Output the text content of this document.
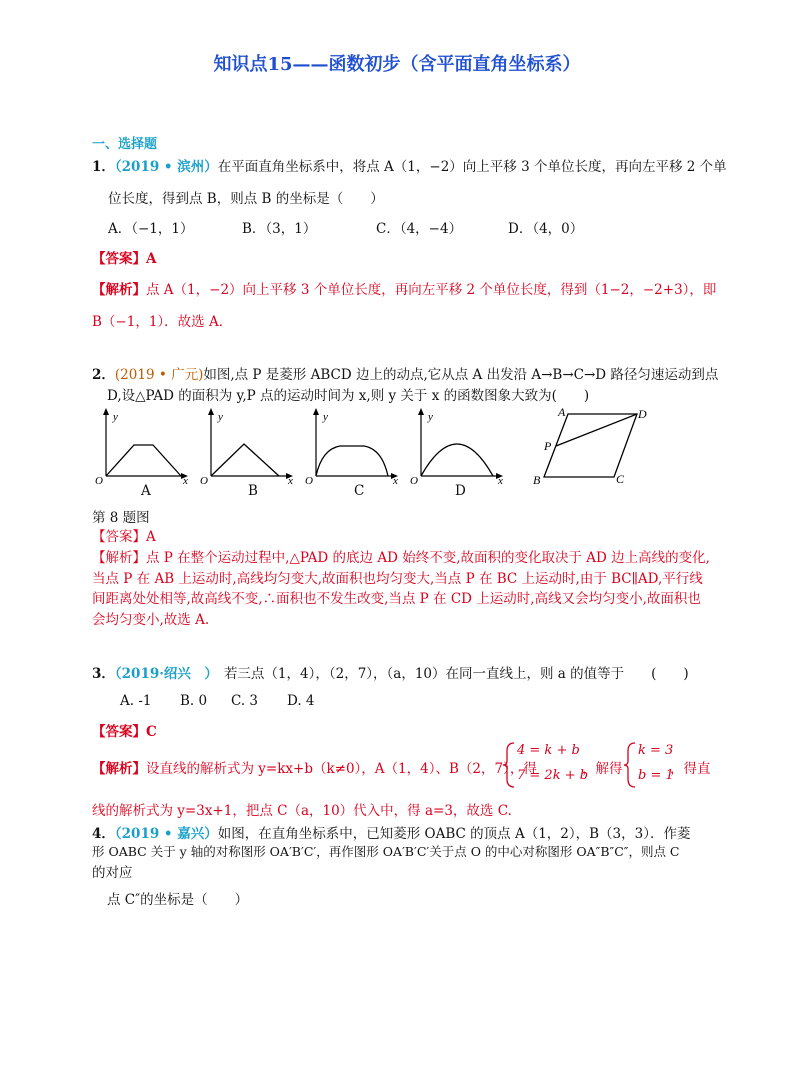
知识点15——函数初步（含平面直角坐标系）
一、选择题
1．（2019 • 滨州）在平面直角坐标系中，将点 A（1，−2）向上平移 3 个单位长度，再向左平移 2 个单
位长度，得到点 B，则点 B 的坐标是（　　）
A．（−1，1）	B．（3，1）	C．（4，−4）	D．（4，0）
【答案】A
【解析】点 A（1，−2）向上平移 3 个单位长度，再向左平移 2 个单位长度，得到（1−2，−2+3），即
B（−1，1）．故选 A．
2．(2019 • 广元)如图,点 P 是菱形 ABCD 边上的动点,它从点 A 出发沿 A→B→C→D 路径匀速运动到点
D,设△PAD 的面积为 y,P 点的运动时间为 x,则 y 关于 x 的函数图象大致为(　　)
y
O	x
y
O	x
y
O	x
y
O	x
A	B	C	D
A	D
P
B	C
第 8 题图
【答案】A
【解析】点 P 在整个运动过程中,△PAD 的底边 AD 始终不变,故面积的变化取决于 AD 边上高线的变化,
当点 P 在 AB 上运动时,高线均匀变大,故面积也均匀变大,当点 P 在 BC 上运动时,由于 BC∥AD,平行线
间距离处处相等,故高线不变,∴面积也不发生改变,当点 P 在 CD 上运动时,高线又会均匀变小,故面积也
会均匀变小,故选 A.
3．（2019·绍兴　） 若三点（1，4），（2，7），（a，10）在同一直线上，则 a 的值等于　　(　　)
A. -1 B. 0 C. 3 D. 4
【答案】C
【解析】设直线的解析式为 y=kx+b（k≠0），A（1，4）、B（2，7），得
4 = k + b
7 = 2k + b
，解得
k = 3
b = 1
，得直
线的解析式为 y=3x+1，把点 C（a，10）代入中，得 a=3，故选 C.
4．（2019 • 嘉兴）如图，在直角坐标系中，已知菱形 OABC 的顶点 A（1，2），B（3，3）．作菱
形 OABC 关于 y 轴的对称图形 OA′B′C′，再作图形 OA′B′C′关于点 O 的中心对称图形 OA″B″C″，则点 C
的对应
点 C″的坐标是（　　）
